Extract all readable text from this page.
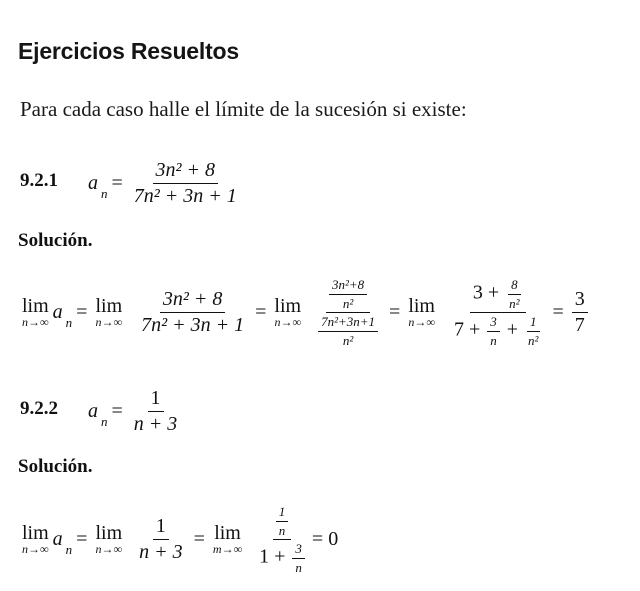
Ejercicios Resueltos
Para cada caso halle el límite de la sucesión si existe:
9.2.1 a $n = \frac{\text{3n² + 8}}{\text{7n² + 3n + 1}}$
Solución.
lim
n→∞ a n = lim
$n\to\infty \frac{\text{3n² + 8}}{\text{7n² + 3n + 1}} = \lim$
$n\to\infty \frac{\frac{\text{3n²+8}}{\text{n²}}}{\frac{\text{7n²+3n+1}}{\text{n²}}} = \lim$
$n\to\infty \frac{3 + \frac{8}{\text{n²}}}{7 + \frac{3}{n} + \frac{1}{\text{n²}}} = \frac{3}{7}$
9.2.2 a $n = \frac{1}{n + 3}$
Solución.
lim
n→∞ a n = lim
$n\to\infty \frac{1}{n + 3} = \lim$
$m\to\infty \frac{\frac{1}{n}}{1 + \frac{3}{n}} = 0$
